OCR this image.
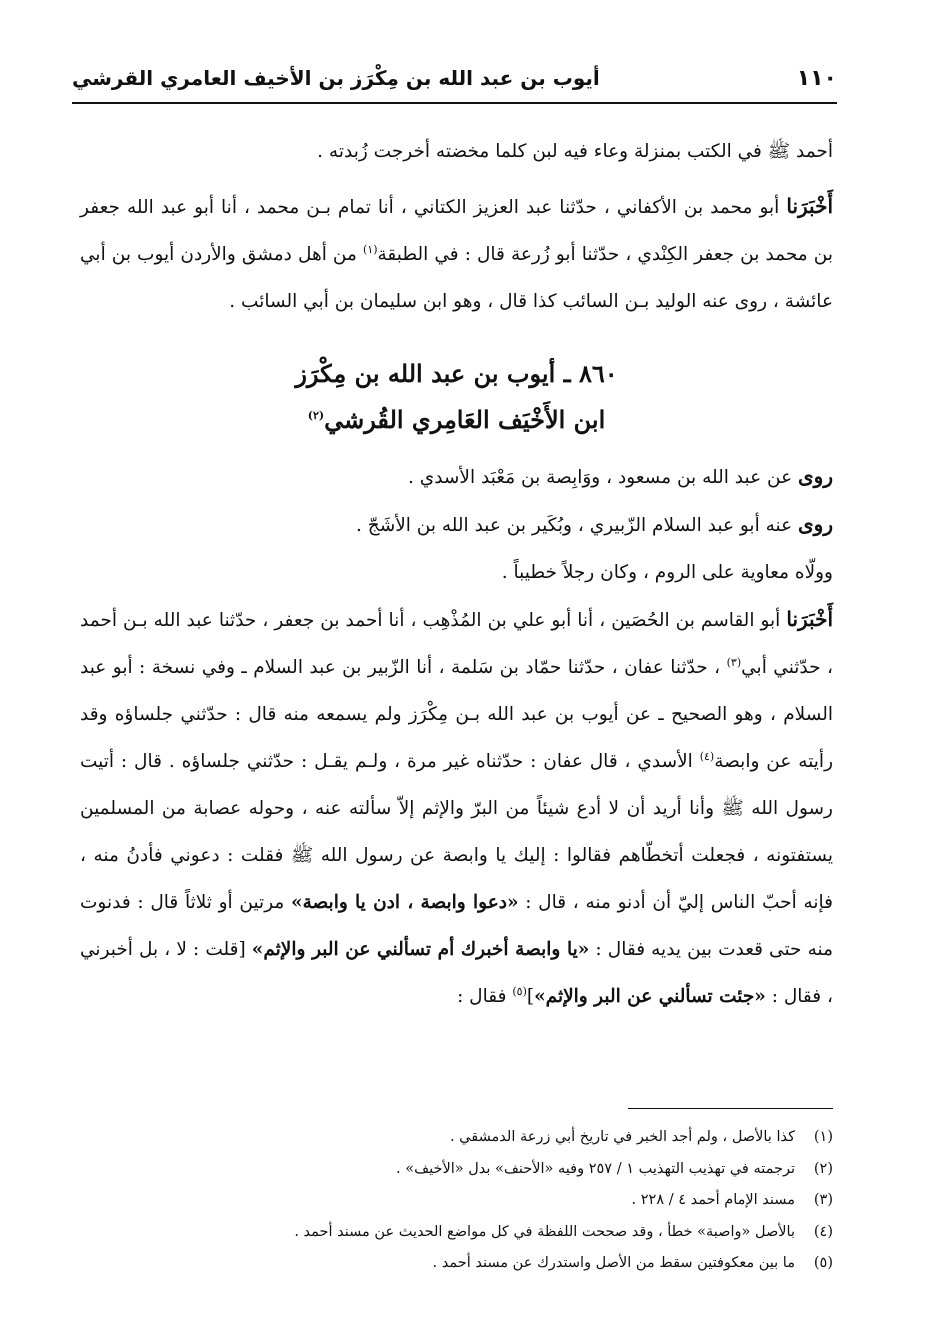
١١٠
أيوب بن عبد الله بن مِكْرَز بن الأخيف العامري القرشي

أحمد ﷺ في الكتب بمنزلة وعاء فيه لبن كلما مخضته أخرجت زُبدته .

أَخْبَرَنا أبو محمد بن الأكفاني ، حدّثنا عبد العزيز الكتاني ، أنا تمام بـن محمد ، أنا أبو عبد الله جعفر بن محمد بن جعفر الكِنْدي ، حدّثنا أبو زُرعة قال : في الطبقة$^{(١)}$ من أهل دمشق والأردن أيوب بن أبي عائشة ، روى عنه الوليد بـن السائب كذا قال ، وهو ابن سليمان بن أبي السائب .

٨٦٠ ـ أيوب بن عبد الله بن مِكْرَز
ابن الأَخْيَف العَامِري القُرشي$^{(٢)}$

روى عن عبد الله بن مسعود ، ووَابِصة بن مَعْبَد الأسدي .

روى عنه أبو عبد السلام الزّبيري ، وبُكَير بن عبد الله بن الأشَجّ .

وولّاه معاوية على الروم ، وكان رجلاً خطيباً .

أَخْبَرَنا أبو القاسم بن الحُصَين ، أنا أبو علي بن المُذْهِب ، أنا أحمد بن جعفر ، حدّثنا عبد الله بـن أحمد ، حدّثني أبي$^{(٣)}$ ، حدّثنا عفان ، حدّثنا حمّاد بن سَلمة ، أنا الزّبير بن عبد السلام ـ وفي نسخة : أبو عبد السلام ، وهو الصحيح ـ عن أيوب بن عبد الله بـن مِكْرَز ولم يسمعه منه قال : حدّثني جلساؤه وقد رأيته عن وابصة$^{(٤)}$ الأسدي ، قال عفان : حدّثناه غير مرة ، ولـم يقـل : حدّثني جلساؤه . قال : أتيت رسول الله ﷺ وأنا أريد أن لا أدع شيئاً من البرّ والإثم إلاّ سألته عنه ، وحوله عصابة من المسلمين يستفتونه ، فجعلت أتخطّاهم فقالوا : إليك يا وابصة عن رسول الله ﷺ فقلت : دعوني فأدنُ منه ، فإنه أحبّ الناس إليّ أن أدنو منه ، قال : «دعوا وابصة ، ادن يا وابصة» مرتين أو ثلاثاً قال : فدنوت منه حتى قعدت بين يديه فقال : «يا وابصة أخبرك أم تسألني عن البر والإثم» [قلت : لا ، بل أخبرني ، فقال : «جئت تسألني عن البر والإثم»]$^{(٥)}$ فقال :

(١)
كذا بالأصل ، ولم أجد الخبر في تاريخ أبي زرعة الدمشقي .
(٢)
ترجمته في تهذيب التهذيب ١ / ٢٥٧ وفيه «الأحنف» بدل «الأخيف» .
(٣)
مسند الإمام أحمد ٤ / ٢٢٨ .
(٤)
بالأصل «واصبة» خطأ ، وقد صححت اللفظة في كل مواضع الحديث عن مسند أحمد .
(٥)
ما بين معكوفتين سقط من الأصل واستدرك عن مسند أحمد .
